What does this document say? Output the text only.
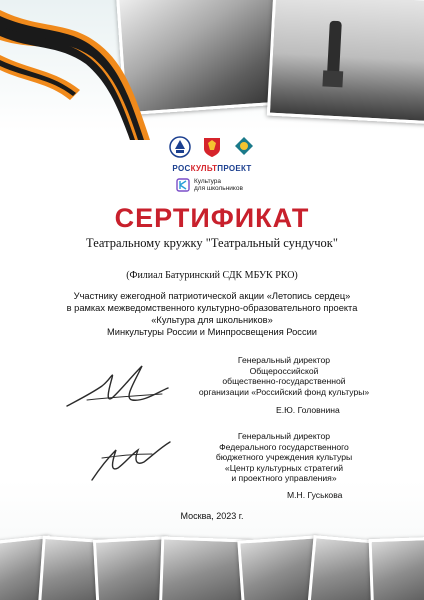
РОСКУЛЬТПРОЕКТ
Культура
для школьников
СЕРТИФИКАТ
Театральному кружку "Театральный сундучок"
(Филиал Батуринский СДК МБУК РКО)
Участнику ежегодной патриотической акции «Летопись сердец»
в рамках межведомственного культурно-образовательного проекта
«Культура для школьников»
Минкультуры России и Минпросвещения России
Генеральный директор
Общероссийской
общественно-государственной
организации «Российский фонд культуры»
Е.Ю. Головнина
Генеральный директор
Федерального государственного
бюджетного учреждения культуры
«Центр культурных стратегий
и проектного управления»
М.Н. Гуськова
Москва, 2023 г.
